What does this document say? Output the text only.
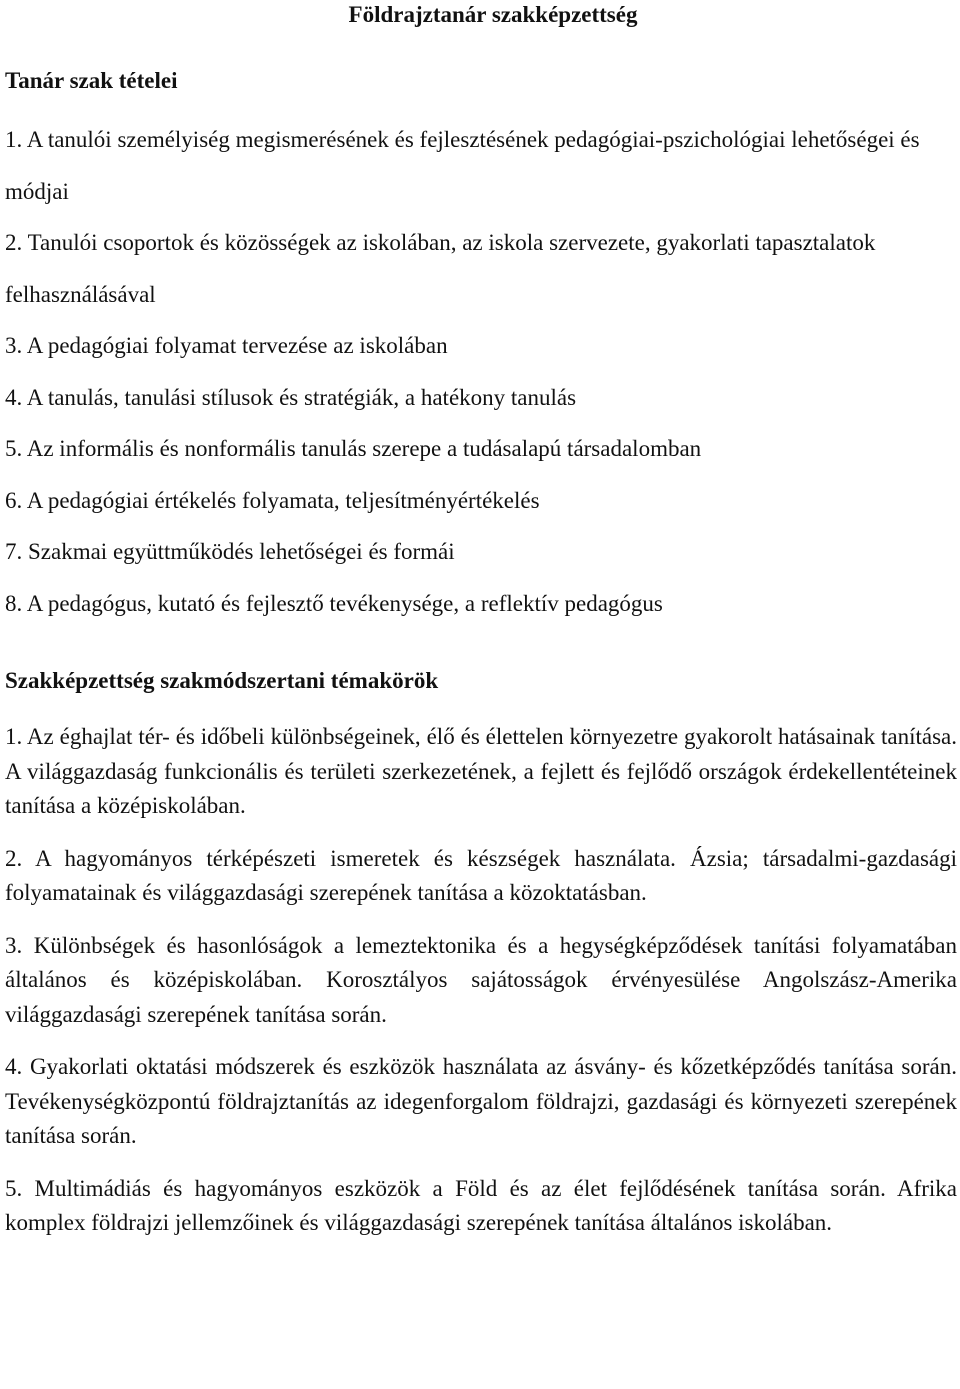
Földrajztanár szakképzettség
Tanár szak tételei

1. A tanulói személyiség megismerésének és fejlesztésének pedagógiai-pszichológiai lehetőségei és módjai

2. Tanulói csoportok és közösségek az iskolában, az iskola szervezete, gyakorlati tapasztalatok felhasználásával

3. A pedagógiai folyamat tervezése az iskolában

4. A tanulás, tanulási stílusok és stratégiák, a hatékony tanulás

5. Az informális és nonformális tanulás szerepe a tudásalapú társadalomban

6. A pedagógiai értékelés folyamata, teljesítményértékelés

7. Szakmai együttműködés lehetőségei és formái

8. A pedagógus, kutató és fejlesztő tevékenysége, a reflektív pedagógus

Szakképzettség szakmódszertani témakörök

1. Az éghajlat tér- és időbeli különbségeinek, élő és élettelen környezetre gyakorolt hatásainak tanítása. A világgazdaság funkcionális és területi szerkezetének, a fejlett és fejlődő országok érdekellentéteinek tanítása a középiskolában.

2. A hagyományos térképészeti ismeretek és készségek használata. Ázsia; társadalmi-gazdasági folyamatainak és világgazdasági szerepének tanítása a közoktatásban.

3. Különbségek és hasonlóságok a lemeztektonika és a hegységképződések tanítási folyamatában általános és középiskolában. Korosztályos sajátosságok érvényesülése Angolszász-Amerika világgazdasági szerepének tanítása során.

4. Gyakorlati oktatási módszerek és eszközök használata az ásvány- és kőzetképződés tanítása során. Tevékenységközpontú földrajztanítás az idegenforgalom földrajzi, gazdasági és környezeti szerepének tanítása során.

5. Multimádiás és hagyományos eszközök a Föld és az élet fejlődésének tanítása során. Afrika komplex földrajzi jellemzőinek és világgazdasági szerepének tanítása általános iskolában.
